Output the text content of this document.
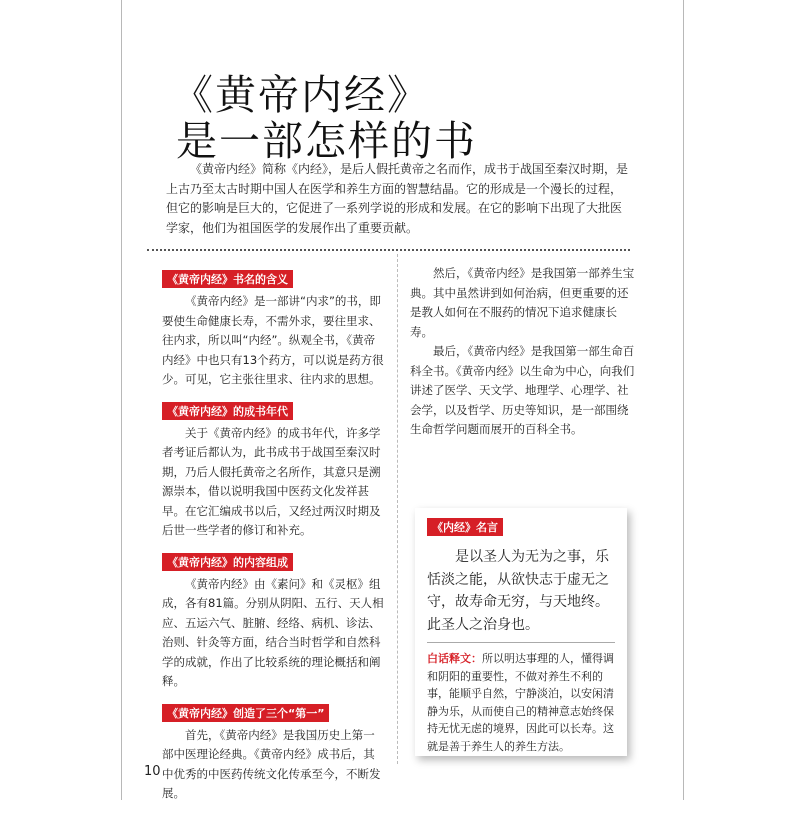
《黄帝内经》
是一部怎样的书

《黄帝内经》简称《内经》，是后人假托黄帝之名而作，成书于战国至秦汉时期，是上古乃至太古时期中国人在医学和养生方面的智慧结晶。它的形成是一个漫长的过程，但它的影响是巨大的，它促进了一系列学说的形成和发展。在它的影响下出现了大批医学家，他们为祖国医学的发展作出了重要贡献。

《黄帝内经》书名的含义

《黄帝内经》是一部讲“内求”的书，即要使生命健康长寿，不需外求，要往里求、往内求，所以叫“内经”。纵观全书，《黄帝内经》中也只有13个药方，可以说是药方很少。可见，它主张往里求、往内求的思想。

《黄帝内经》的成书年代

关于《黄帝内经》的成书年代，许多学者考证后都认为，此书成书于战国至秦汉时期，乃后人假托黄帝之名所作，其意只是溯源崇本，借以说明我国中医药文化发祥甚早。在它汇编成书以后，又经过两汉时期及后世一些学者的修订和补充。

《黄帝内经》的内容组成

《黄帝内经》由《素问》和《灵枢》组成，各有81篇。分别从阴阳、五行、天人相应、五运六气、脏腑、经络、病机、诊法、治则、针灸等方面，结合当时哲学和自然科学的成就，作出了比较系统的理论概括和阐释。

《黄帝内经》创造了三个“第一”

首先，《黄帝内经》是我国历史上第一部中医理论经典。《黄帝内经》成书后，其中优秀的中医药传统文化传承至今，不断发展。

然后，《黄帝内经》是我国第一部养生宝典。其中虽然讲到如何治病，但更重要的还是教人如何在不服药的情况下追求健康长寿。

最后，《黄帝内经》是我国第一部生命百科全书。《黄帝内经》以生命为中心，向我们讲述了医学、天文学、地理学、心理学、社会学，以及哲学、历史等知识，是一部围绕生命哲学问题而展开的百科全书。

《内经》名言

是以圣人为无为之事，乐恬淡之能，从欲快志于虚无之守，故寿命无穷，与天地终。此圣人之治身也。

白话释文：所以明达事理的人，懂得调和阴阳的重要性，不做对养生不利的事，能顺乎自然，宁静淡泊，以安闲清静为乐，从而使自己的精神意志始终保持无忧无虑的境界，因此可以长寿。这就是善于养生人的养生方法。

10
